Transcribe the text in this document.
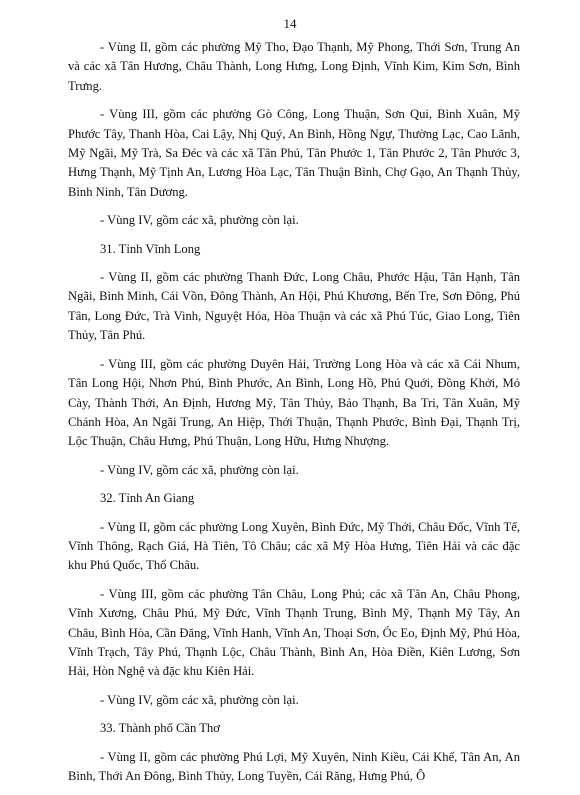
14

- Vùng II, gồm các phường Mỹ Tho, Đạo Thạnh, Mỹ Phong, Thới Sơn, Trung An và các xã Tân Hương, Châu Thành, Long Hưng, Long Định, Vĩnh Kim, Kim Sơn, Bình Trưng.

- Vùng III, gồm các phường Gò Công, Long Thuận, Sơn Qui, Bình Xuân, Mỹ Phước Tây, Thanh Hòa, Cai Lậy, Nhị Quý, An Bình, Hồng Ngự, Thường Lạc, Cao Lãnh, Mỹ Ngãi, Mỹ Trà, Sa Đéc và các xã Tân Phú, Tân Phước 1, Tân Phước 2, Tân Phước 3, Hưng Thạnh, Mỹ Tịnh An, Lương Hòa Lạc, Tân Thuận Bình, Chợ Gạo, An Thạnh Thủy, Bình Ninh, Tân Dương.

- Vùng IV, gồm các xã, phường còn lại.

31. Tỉnh Vĩnh Long

- Vùng II, gồm các phường Thanh Đức, Long Châu, Phước Hậu, Tân Hạnh, Tân Ngãi, Bình Minh, Cái Vồn, Đông Thành, An Hội, Phú Khương, Bến Tre, Sơn Đông, Phú Tân, Long Đức, Trà Vinh, Nguyệt Hóa, Hòa Thuận và các xã Phú Túc, Giao Long, Tiên Thủy, Tân Phú.

- Vùng III, gồm các phường Duyên Hải, Trường Long Hòa và các xã Cái Nhum, Tân Long Hội, Nhơn Phú, Bình Phước, An Bình, Long Hồ, Phú Quới, Đồng Khởi, Mỏ Cày, Thành Thới, An Định, Hương Mỹ, Tân Thủy, Bảo Thạnh, Ba Tri, Tân Xuân, Mỹ Chánh Hòa, An Ngãi Trung, An Hiệp, Thới Thuận, Thạnh Phước, Bình Đại, Thạnh Trị, Lộc Thuận, Châu Hưng, Phú Thuận, Long Hữu, Hưng Nhượng.

- Vùng IV, gồm các xã, phường còn lại.

32. Tỉnh An Giang

- Vùng II, gồm các phường Long Xuyên, Bình Đức, Mỹ Thới, Châu Đốc, Vĩnh Tế, Vĩnh Thông, Rạch Giá, Hà Tiên, Tô Châu; các xã Mỹ Hòa Hưng, Tiên Hải và các đặc khu Phú Quốc, Thổ Châu.

- Vùng III, gồm các phường Tân Châu, Long Phú; các xã Tân An, Châu Phong, Vĩnh Xương, Châu Phú, Mỹ Đức, Vĩnh Thạnh Trung, Bình Mỹ, Thạnh Mỹ Tây, An Châu, Bình Hòa, Cần Đăng, Vĩnh Hanh, Vĩnh An, Thoại Sơn, Óc Eo, Định Mỹ, Phú Hòa, Vĩnh Trạch, Tây Phú, Thạnh Lộc, Châu Thành, Bình An, Hòa Điền, Kiên Lương, Sơn Hải, Hòn Nghệ và đặc khu Kiên Hải.

- Vùng IV, gồm các xã, phường còn lại.

33. Thành phố Cần Thơ

- Vùng II, gồm các phường Phú Lợi, Mỹ Xuyên, Ninh Kiều, Cái Khế, Tân An, An Bình, Thới An Đông, Bình Thủy, Long Tuyền, Cái Răng, Hưng Phú, Ô
